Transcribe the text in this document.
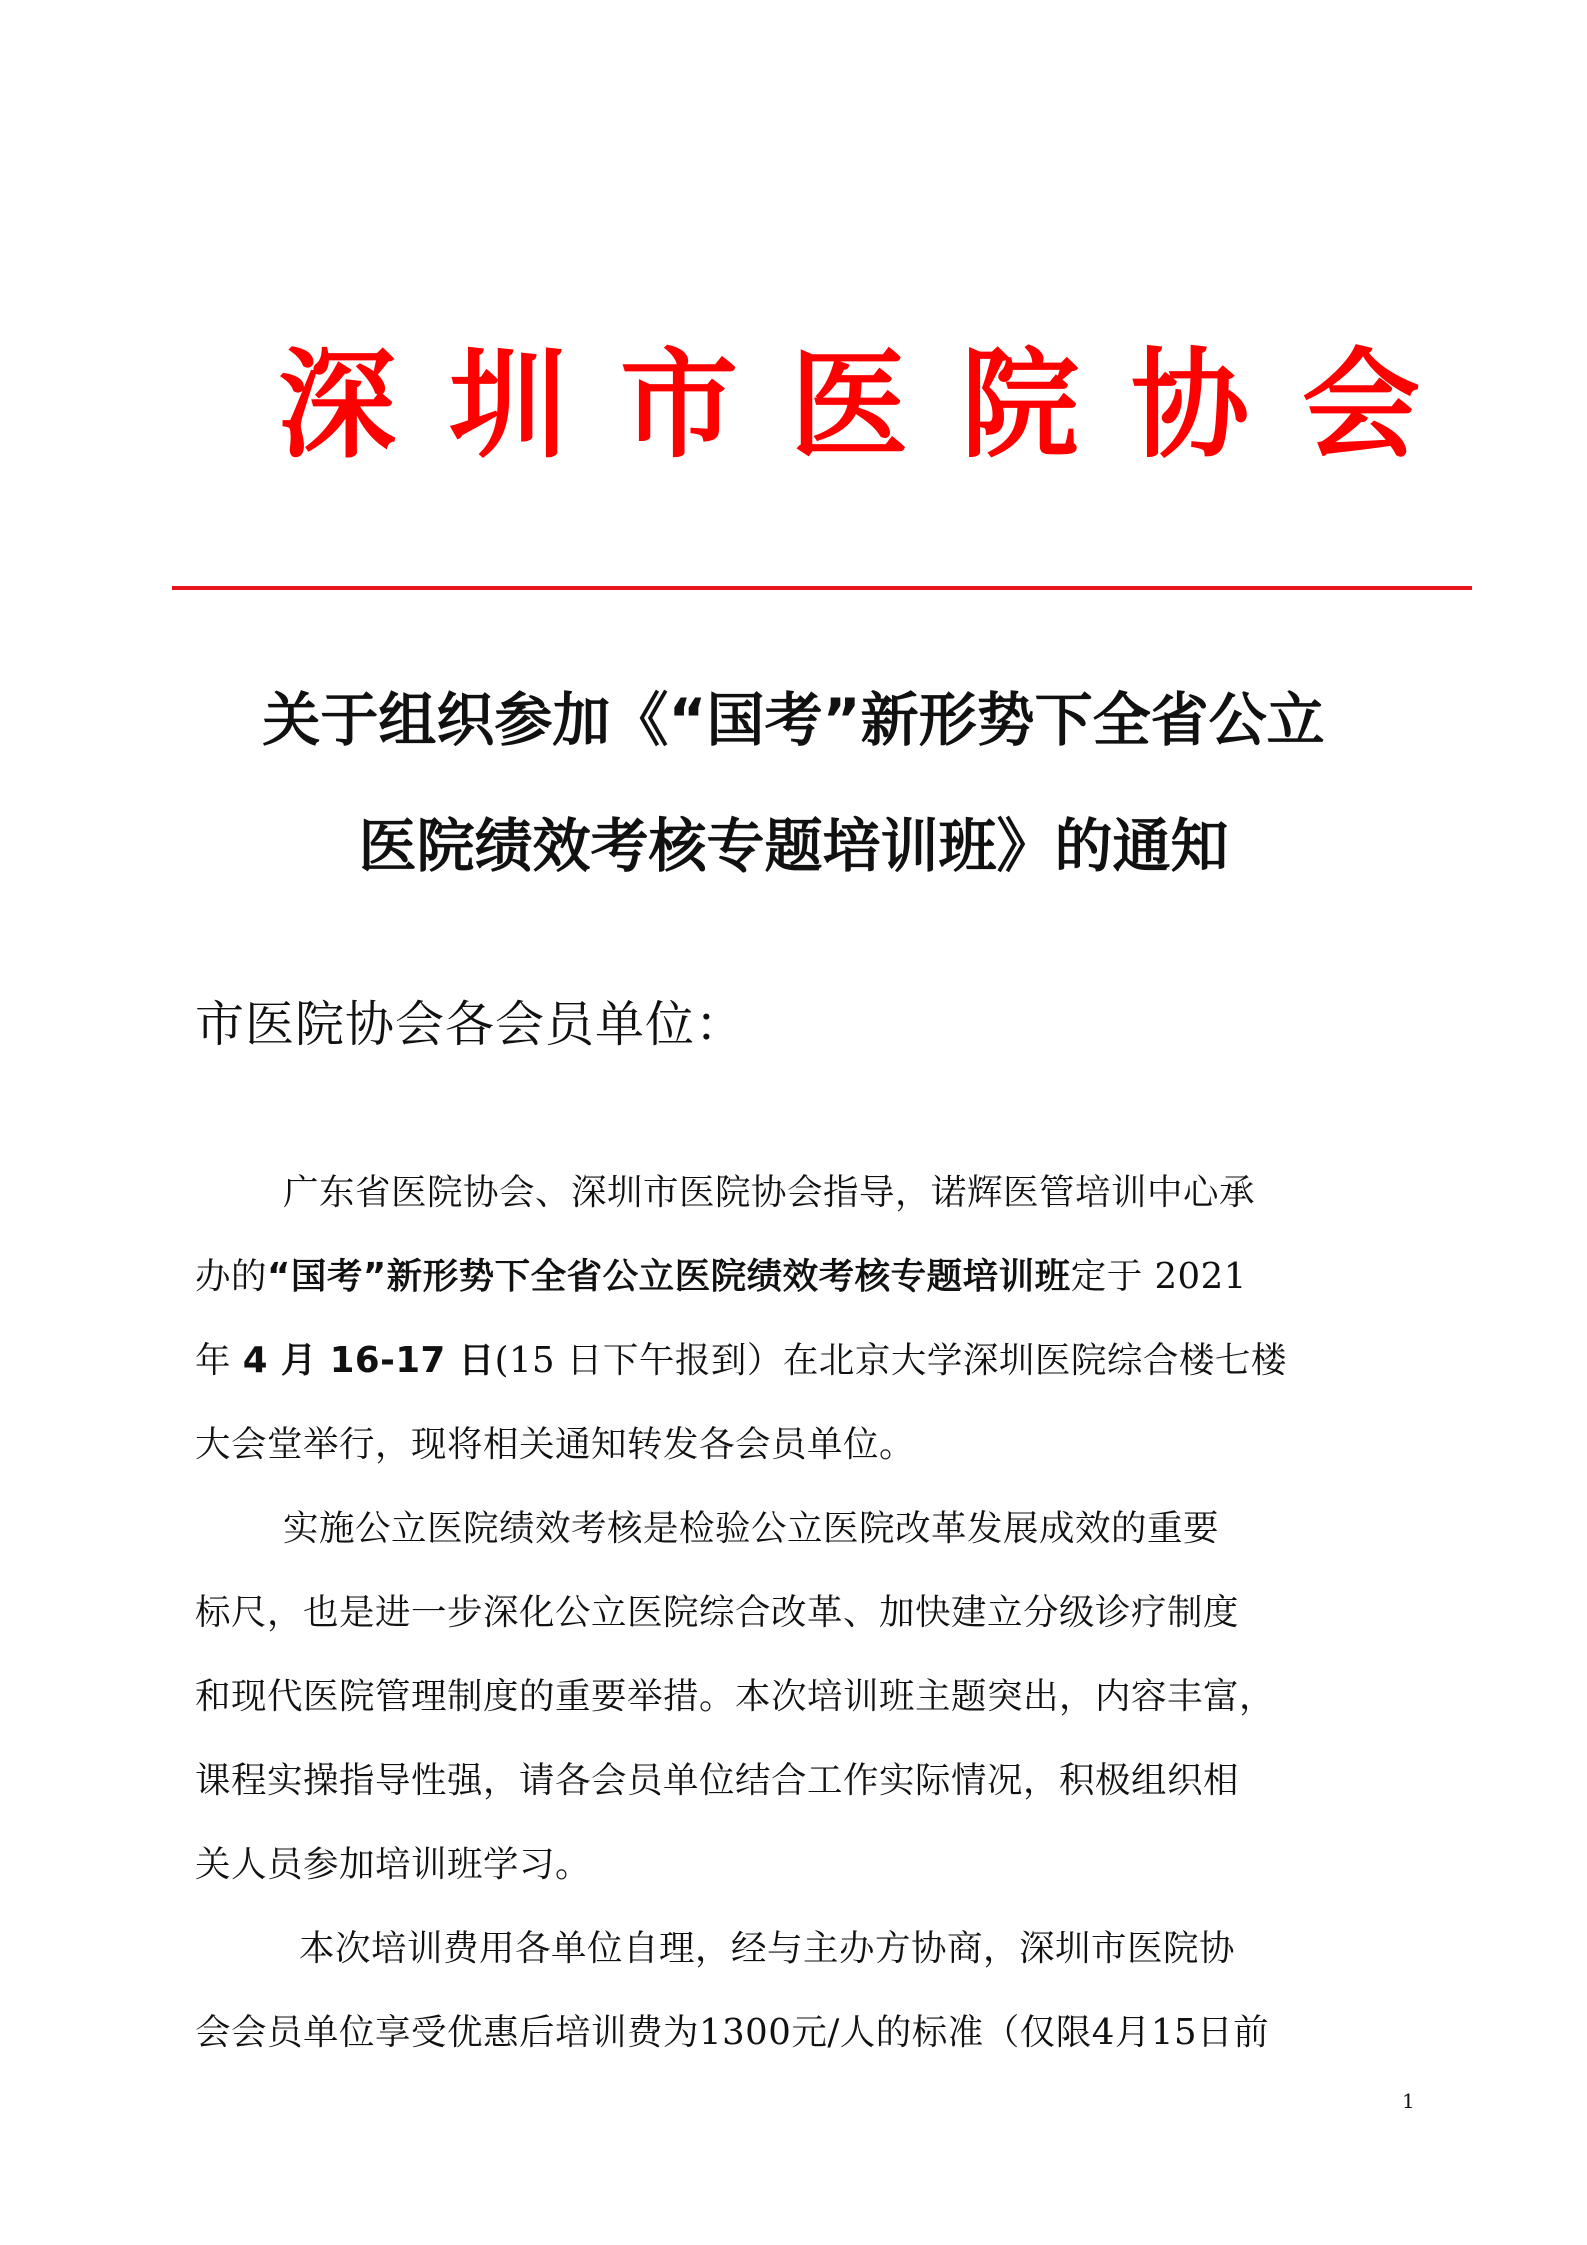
深 圳 市 医 院 协 会
关于组织参加《“国考”新形势下全省公立
医院绩效考核专题培训班》的通知
市医院协会各会员单位：
广东省医院协会、深圳市医院协会指导，诺辉医管培训中心承
办的“国考”新形势下全省公立医院绩效考核专题培训班定于 2021
年 4 月 16-17 日(15 日下午报到）在北京大学深圳医院综合楼七楼
大会堂举行，现将相关通知转发各会员单位。
实施公立医院绩效考核是检验公立医院改革发展成效的重要
标尺，也是进一步深化公立医院综合改革、加快建立分级诊疗制度
和现代医院管理制度的重要举措。本次培训班主题突出，内容丰富，
课程实操指导性强，请各会员单位结合工作实际情况，积极组织相
关人员参加培训班学习。
本次培训费用各单位自理，经与主办方协商，深圳市医院协
会会员单位享受优惠后培训费为1300元/人的标准（仅限4月15日前
1
